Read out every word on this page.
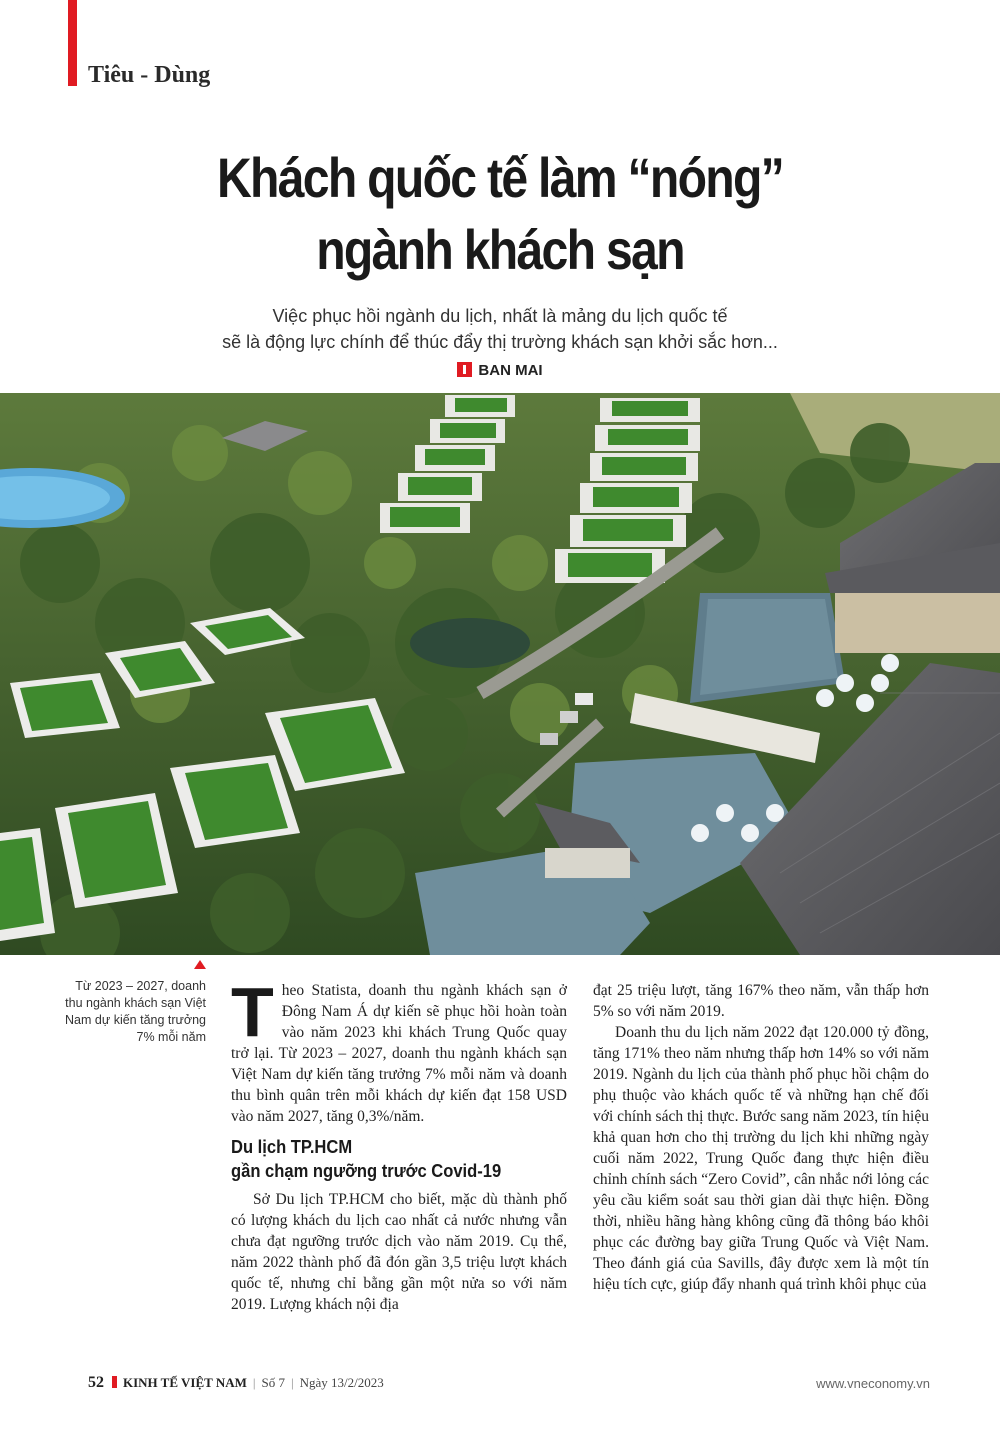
Tiêu - Dùng
Khách quốc tế làm “nóng”
ngành khách sạn
Việc phục hồi ngành du lịch, nhất là mảng du lịch quốc tế
sẽ là động lực chính để thúc đẩy thị trường khách sạn khởi sắc hơn...
BAN MAI
Từ 2023 – 2027, doanh thu ngành khách sạn Việt Nam dự kiến tăng trưởng 7% mỗi năm T heo Statista, doanh thu ngành khách sạn ở Đông Nam Á dự kiến sẽ phục hồi hoàn toàn vào năm 2023 khi khách Trung Quốc quay trở lại. Từ 2023 – 2027, doanh thu ngành khách sạn Việt Nam dự kiến tăng trưởng 7% mỗi năm và doanh thu bình quân trên mỗi khách dự kiến đạt 158 USD vào năm 2027, tăng 0,3%/năm.

Du lịch TP.HCM
gần chạm ngưỡng trước Covid-19

Sở Du lịch TP.HCM cho biết, mặc dù thành phố có lượng khách du lịch cao nhất cả nước nhưng vẫn chưa đạt ngưỡng trước dịch vào năm 2019. Cụ thể, năm 2022 thành phố đã đón gần 3,5 triệu lượt khách quốc tế, nhưng chỉ bằng gần một nửa so với năm 2019. Lượng khách nội địa

đạt 25 triệu lượt, tăng 167% theo năm, vẫn thấp hơn 5% so với năm 2019.

Doanh thu du lịch năm 2022 đạt 120.000 tỷ đồng, tăng 171% theo năm nhưng thấp hơn 14% so với năm 2019. Ngành du lịch của thành phố phục hồi chậm do phụ thuộc vào khách quốc tế và những hạn chế đối với chính sách thị thực. Bước sang năm 2023, tín hiệu khả quan hơn cho thị trường du lịch khi những ngày cuối năm 2022, Trung Quốc đang thực hiện điều chỉnh chính sách “Zero Covid”, cân nhắc nới lỏng các yêu cầu kiểm soát sau thời gian dài thực hiện. Đồng thời, nhiều hãng hàng không cũng đã thông báo khôi phục các đường bay giữa Trung Quốc và Việt Nam. Theo đánh giá của Savills, đây được xem là một tín hiệu tích cực, giúp đẩy nhanh quá trình khôi phục của

52 KINH TẾ VIỆT NAM | Số 7 | Ngày 13/2/2023	www.vneconomy.vn
